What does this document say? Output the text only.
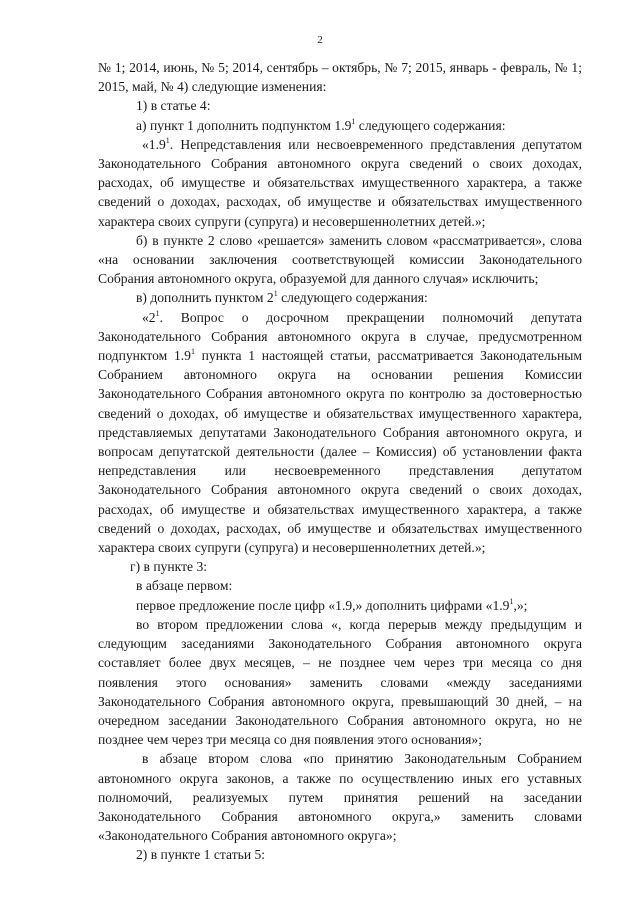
2

№ 1; 2014, июнь, № 5; 2014, сентябрь – октябрь, № 7; 2015, январь - февраль, № 1; 2015, май, № 4) следующие изменения:

1) в статье 4:

а) пункт 1 дополнить подпунктом $1.9^1$ следующего содержания:

«$1.9^1$. Непредставления или несвоевременного представления депутатом Законодательного Собрания автономного округа сведений о своих доходах, расходах, об имуществе и обязательствах имущественного характера, а также сведений о доходах, расходах, об имуществе и обязательствах имущественного характера своих супруги (супруга) и несовершеннолетних детей.»;

б) в пункте 2 слово «решается» заменить словом «рассматривается», слова «на основании заключения соответствующей комиссии Законодательного Собрания автономного округа, образуемой для данного случая» исключить;

в) дополнить пунктом $2^1$ следующего содержания:

«$2^1$. Вопрос о досрочном прекращении полномочий депутата Законодательного Собрания автономного округа в случае, предусмотренном подпунктом $1.9^1$ пункта 1 настоящей статьи, рассматривается Законодательным Собранием автономного округа на основании решения Комиссии Законодательного Собрания автономного округа по контролю за достоверностью сведений о доходах, об имуществе и обязательствах имущественного характера, представляемых депутатами Законодательного Собрания автономного округа, и вопросам депутатской деятельности (далее – Комиссия) об установлении факта непредставления или несвоевременного представления депутатом Законодательного Собрания автономного округа сведений о своих доходах, расходах, об имуществе и обязательствах имущественного характера, а также сведений о доходах, расходах, об имуществе и обязательствах имущественного характера своих супруги (супруга) и несовершеннолетних детей.»;

г) в пункте 3:

в абзаце первом:

первое предложение после цифр «1.9,» дополнить цифрами «$1.9^1$,»;

во втором предложении слова «, когда перерыв между предыдущим и следующим заседаниями Законодательного Собрания автономного округа составляет более двух месяцев, – не позднее чем через три месяца со дня появления этого основания» заменить словами «между заседаниями Законодательного Собрания автономного округа, превышающий 30 дней, – на очередном заседании Законодательного Собрания автономного округа, но не позднее чем через три месяца со дня появления этого основания»;

в абзаце втором слова «по принятию Законодательным Собранием автономного округа законов, а также по осуществлению иных его уставных полномочий, реализуемых путем принятия решений на заседании Законодательного Собрания автономного округа,» заменить словами «Законодательного Собрания автономного округа»;

2) в пункте 1 статьи 5:
